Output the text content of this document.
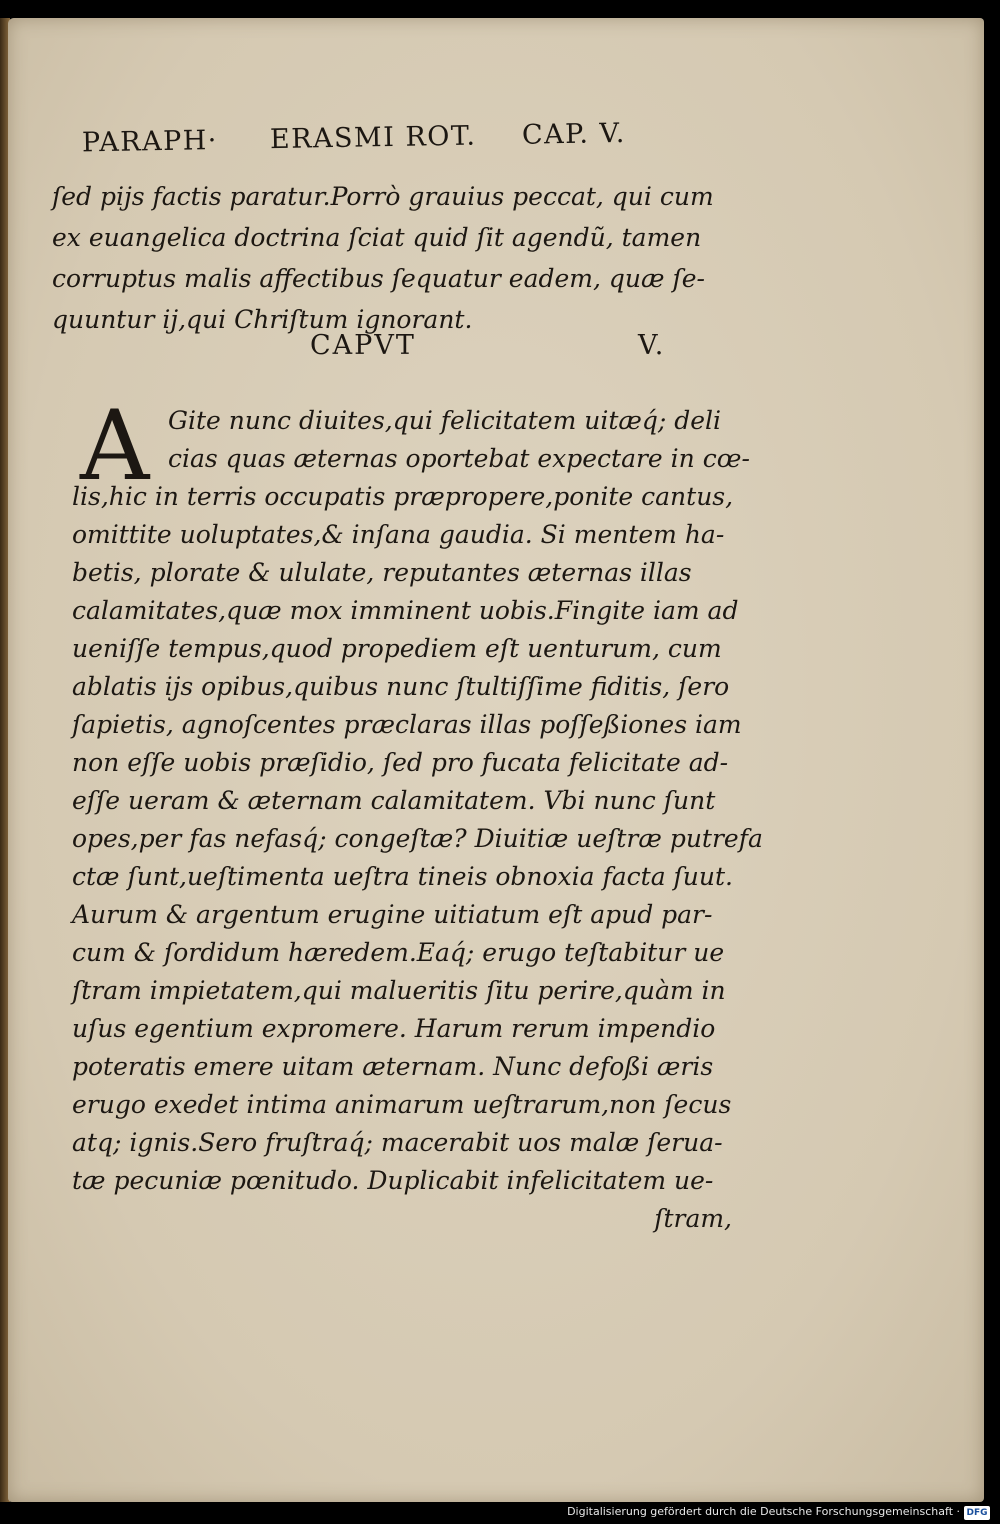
PARAPH· ERASMI ROT. CAP. V.
ſed pijs factis paratur.Porrò grauius peccat, qui cum
ex euangelica doctrina ſciat quid ſit agendũ, tamen
corruptus malis affectibus ſequatur eadem, quæ ſe-
quuntur ij,qui Chriſtum ignorant.
CAPVT	V.
A Gite nunc diuites,qui felicitatem uitæq́; deli
cias quas æternas oportebat expectare in cœ-
lis,hic in terris occupatis præpropere,ponite cantus,
omittite uoluptates,& inſana gaudia. Si mentem ha-
betis, plorate & ululate, reputantes æternas illas
calamitates,quæ mox imminent uobis.Fingite iam ad
ueniſſe tempus,quod propediem eſt uenturum, cum
ablatis ijs opibus,quibus nunc ſtultiſſime fiditis, ſero
ſapietis, agnoſcentes præclaras illas poſſeßiones iam
non eſſe uobis præſidio, ſed pro fucata felicitate ad-
eſſe ueram & æternam calamitatem. Vbi nunc ſunt
opes,per fas nefasq́; congeſtæ? Diuitiæ ueſtræ putrefa
ctæ ſunt,ueſtimenta ueſtra tineis obnoxia facta ſuut.
Aurum & argentum erugine uitiatum eſt apud par-
cum & ſordidum hæredem.Eaq́; erugo teſtabitur ue
ſtram impietatem,qui malueritis ſitu perire,quàm in
uſus egentium expromere. Harum rerum impendio
poteratis emere uitam æternam. Nunc defoßi æris
erugo exedet intima animarum ueſtrarum,non ſecus
atq; ignis.Sero fruſtraq́; macerabit uos malæ ſerua-
tæ pecuniæ pœnitudo. Duplicabit infelicitatem ue-
ſtram,
Digitalisierung gefördert durch die Deutsche Forschungsgemeinschaft · DFG
